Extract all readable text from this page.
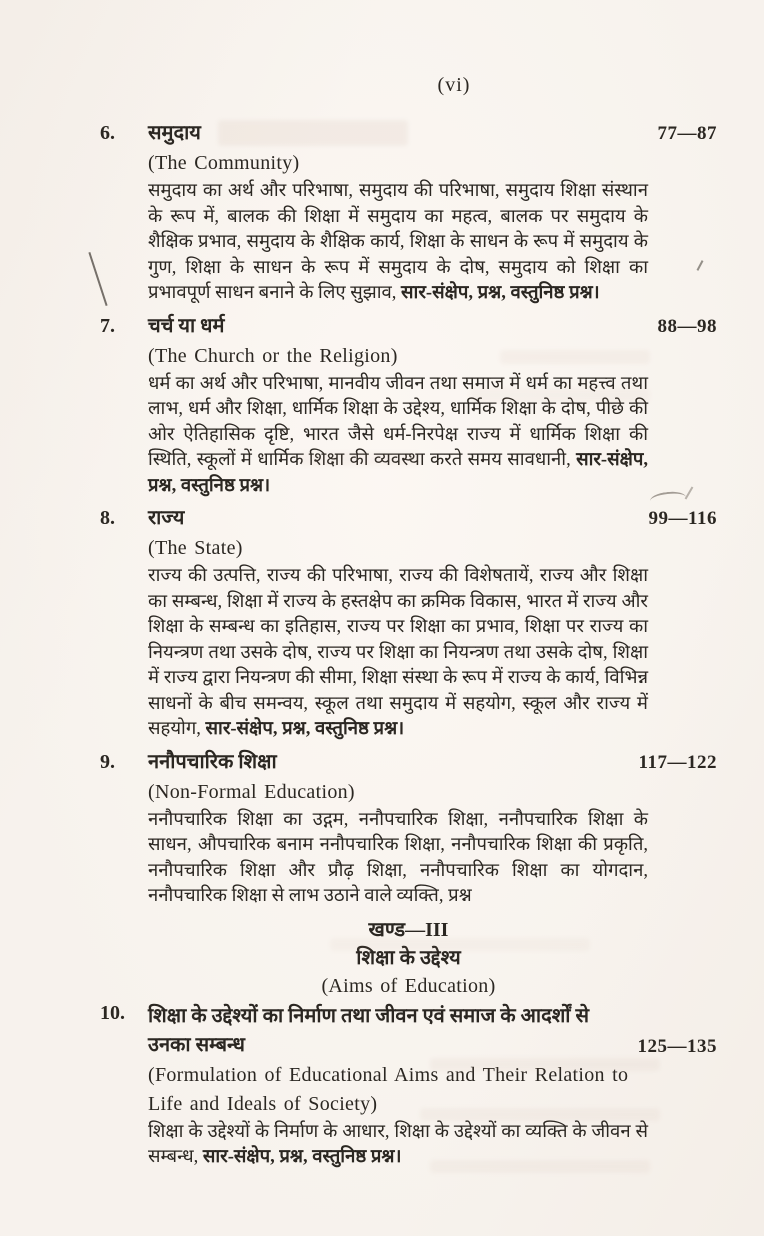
(vi)
6.	समुदाय	77—87
(The Community)

समुदाय का अर्थ और परिभाषा, समुदाय की परिभाषा, समुदाय शिक्षा संस्थान के रूप में, बालक की शिक्षा में समुदाय का महत्व, बालक पर समुदाय के शैक्षिक प्रभाव, समुदाय के शैक्षिक कार्य, शिक्षा के साधन के रूप में समुदाय के गुण, शिक्षा के साधन के रूप में समुदाय के दोष, समुदाय को शिक्षा का प्रभावपूर्ण साधन बनाने के लिए सुझाव, सार-संक्षेप, प्रश्न, वस्तुनिष्ठ प्रश्न।

7.	चर्च या धर्म	88—98
(The Church or the Religion)

धर्म का अर्थ और परिभाषा, मानवीय जीवन तथा समाज में धर्म का महत्त्व तथा लाभ, धर्म और शिक्षा, धार्मिक शिक्षा के उद्देश्य, धार्मिक शिक्षा के दोष, पीछे की ओर ऐतिहासिक दृष्टि, भारत जैसे धर्म-निरपेक्ष राज्य में धार्मिक शिक्षा की स्थिति, स्कूलों में धार्मिक शिक्षा की व्यवस्था करते समय सावधानी, सार-संक्षेप, प्रश्न, वस्तुनिष्ठ प्रश्न।

8.	राज्य	99—116
(The State)

राज्य की उत्पत्ति, राज्य की परिभाषा, राज्य की विशेषतायें, राज्य और शिक्षा का सम्बन्ध, शिक्षा में राज्य के हस्तक्षेप का क्रमिक विकास, भारत में राज्य और शिक्षा के सम्बन्ध का इतिहास, राज्य पर शिक्षा का प्रभाव, शिक्षा पर राज्य का नियन्त्रण तथा उसके दोष, राज्य पर शिक्षा का नियन्त्रण तथा उसके दोष, शिक्षा में राज्य द्वारा नियन्त्रण की सीमा, शिक्षा संस्था के रूप में राज्य के कार्य, विभिन्न साधनों के बीच समन्वय, स्कूल तथा समुदाय में सहयोग, स्कूल और राज्य में सहयोग, सार-संक्षेप, प्रश्न, वस्तुनिष्ठ प्रश्न।

9.	ननौपचारिक शिक्षा	117—122
(Non-Formal Education)

ननौपचारिक शिक्षा का उद्गम, ननौपचारिक शिक्षा, ननौपचारिक शिक्षा के साधन, औपचारिक बनाम ननौपचारिक शिक्षा, ननौपचारिक शिक्षा की प्रकृति, ननौपचारिक शिक्षा और प्रौढ़ शिक्षा, ननौपचारिक शिक्षा का योगदान, ननौपचारिक शिक्षा से लाभ उठाने वाले व्यक्ति, प्रश्न

खण्ड—III
शिक्षा के उद्देश्य
(Aims of Education)
10.	शिक्षा के उद्देश्यों का निर्माण तथा जीवन एवं समाज के आदर्शों से उनका सम्बन्ध	125—135
(Formulation of Educational Aims and Their Relation to Life and Ideals of Society)

शिक्षा के उद्देश्यों के निर्माण के आधार, शिक्षा के उद्देश्यों का व्यक्ति के जीवन से सम्बन्ध, सार-संक्षेप, प्रश्न, वस्तुनिष्ठ प्रश्न।
